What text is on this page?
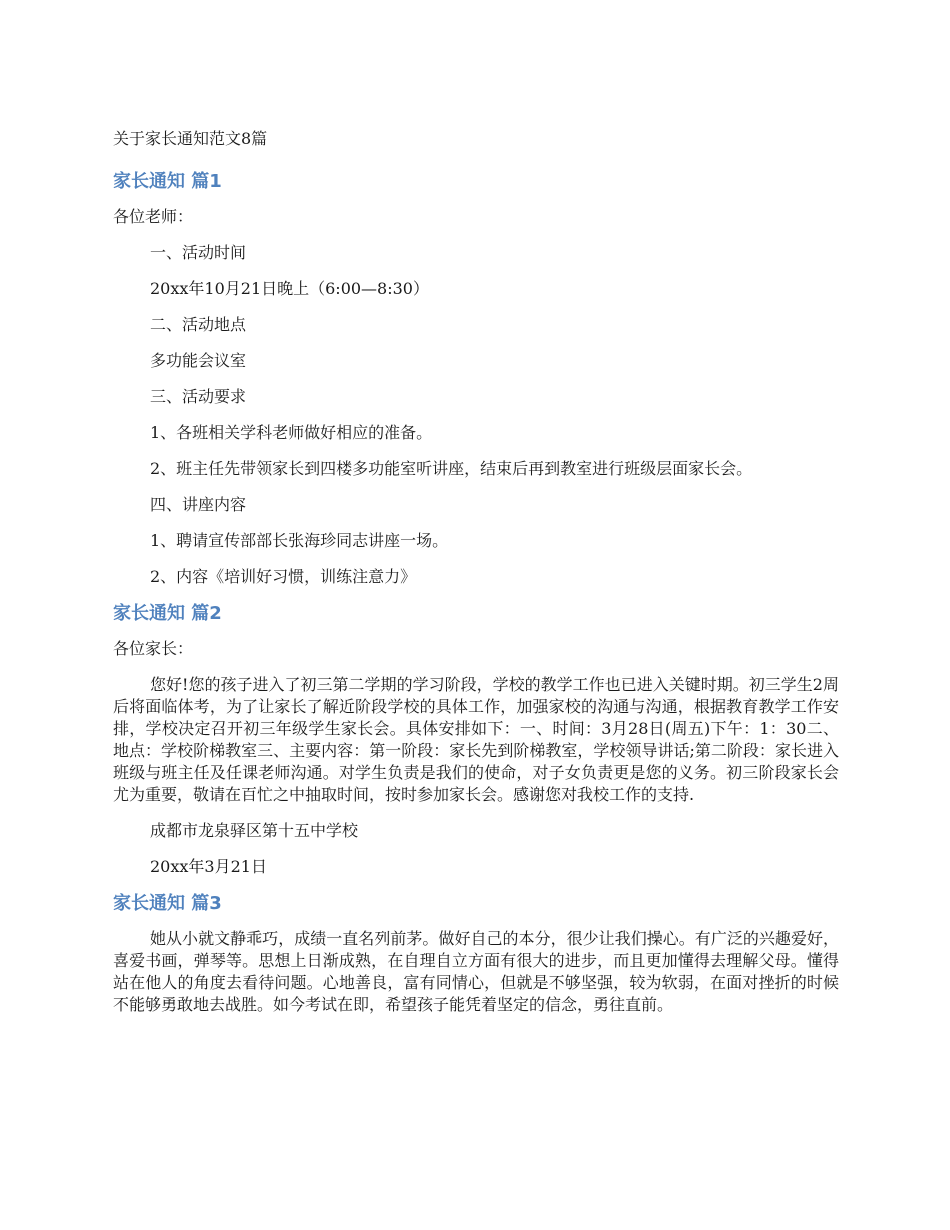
关于家长通知范文8篇

家长通知 篇1

各位老师：

一、活动时间

20xx年10月21日晚上（6:00—8:30）

二、活动地点

多功能会议室

三、活动要求

1、各班相关学科老师做好相应的准备。

2、班主任先带领家长到四楼多功能室听讲座，结束后再到教室进行班级层面家长会。

四、讲座内容

1、聘请宣传部部长张海珍同志讲座一场。

2、内容《培训好习惯，训练注意力》

家长通知 篇2

各位家长：

您好!您的孩子进入了初三第二学期的学习阶段，学校的教学工作也已进入关键时期。初三学生2周后将面临体考，为了让家长了解近阶段学校的具体工作，加强家校的沟通与沟通，根据教育教学工作安排，学校决定召开初三年级学生家长会。具体安排如下：一、时间：3月28日(周五)下午：1：30二、地点：学校阶梯教室三、主要内容：第一阶段：家长先到阶梯教室，学校领导讲话;第二阶段：家长进入班级与班主任及任课老师沟通。对学生负责是我们的使命，对子女负责更是您的义务。初三阶段家长会尤为重要，敬请在百忙之中抽取时间，按时参加家长会。感谢您对我校工作的支持.

成都市龙泉驿区第十五中学校

20xx年3月21日

家长通知 篇3

她从小就文静乖巧，成绩一直名列前茅。做好自己的本分，很少让我们操心。有广泛的兴趣爱好，喜爱书画，弹琴等。思想上日渐成熟，在自理自立方面有很大的进步，而且更加懂得去理解父母。懂得站在他人的角度去看待问题。心地善良，富有同情心，但就是不够坚强，较为软弱，在面对挫折的时候不能够勇敢地去战胜。如今考试在即，希望孩子能凭着坚定的信念，勇往直前。
